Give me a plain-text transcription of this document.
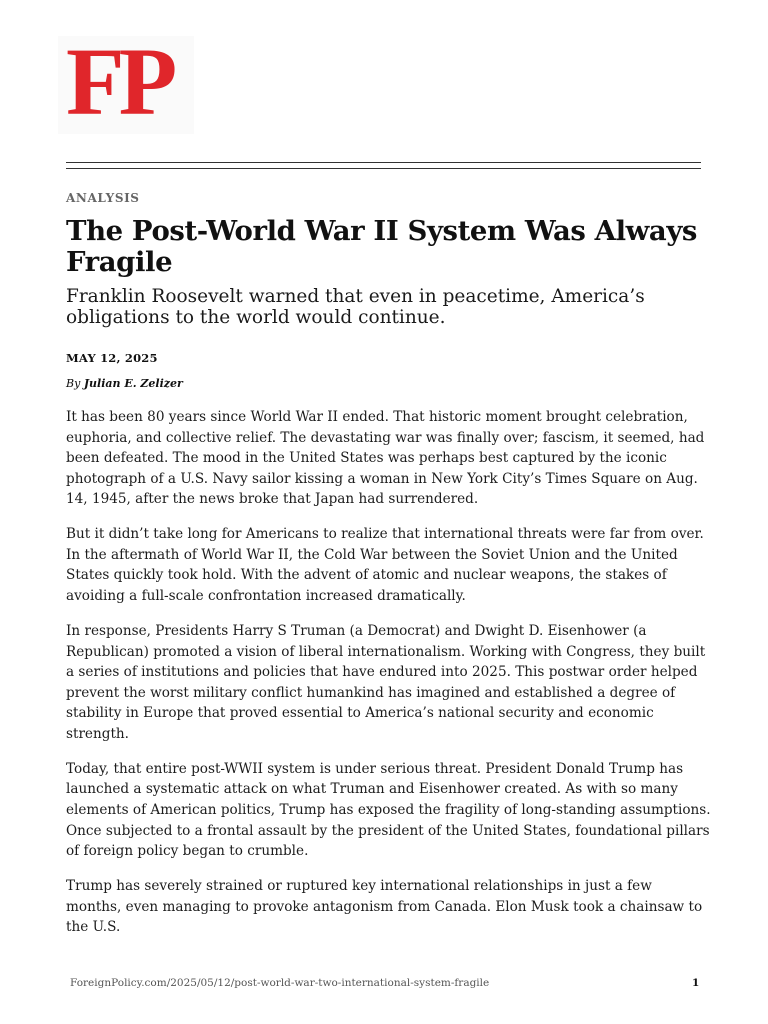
FP
ANALYSIS
The Post-World War II System Was Always Fragile
Franklin Roosevelt warned that even in peacetime, America’s obligations to the world would continue.
MAY 12, 2025
By Julian E. Zelizer

It has been 80 years since World War II ended. That historic moment brought celebration, euphoria, and collective relief. The devastating war was finally over; fascism, it seemed, had been defeated. The mood in the United States was perhaps best captured by the iconic photograph of a U.S. Navy sailor kissing a woman in New York City’s Times Square on Aug. 14, 1945, after the news broke that Japan had surrendered.

But it didn’t take long for Americans to realize that international threats were far from over. In the aftermath of World War II, the Cold War between the Soviet Union and the United States quickly took hold. With the advent of atomic and nuclear weapons, the stakes of avoiding a full-scale confrontation increased dramatically.

In response, Presidents Harry S Truman (a Democrat) and Dwight D. Eisenhower (a Republican) promoted a vision of liberal internationalism. Working with Congress, they built a series of institutions and policies that have endured into 2025. This postwar order helped prevent the worst military conflict humankind has imagined and established a degree of stability in Europe that proved essential to America’s national security and economic strength.

Today, that entire post-WWII system is under serious threat. President Donald Trump has launched a systematic attack on what Truman and Eisenhower created. As with so many elements of American politics, Trump has exposed the fragility of long-standing assumptions. Once subjected to a frontal assault by the president of the United States, foundational pillars of foreign policy began to crumble.

Trump has severely strained or ruptured key international relationships in just a few months, even managing to provoke antagonism from Canada. Elon Musk took a chainsaw to the U.S.

ForeignPolicy.com/2025/05/12/post-world-war-two-international-system-fragile	1
